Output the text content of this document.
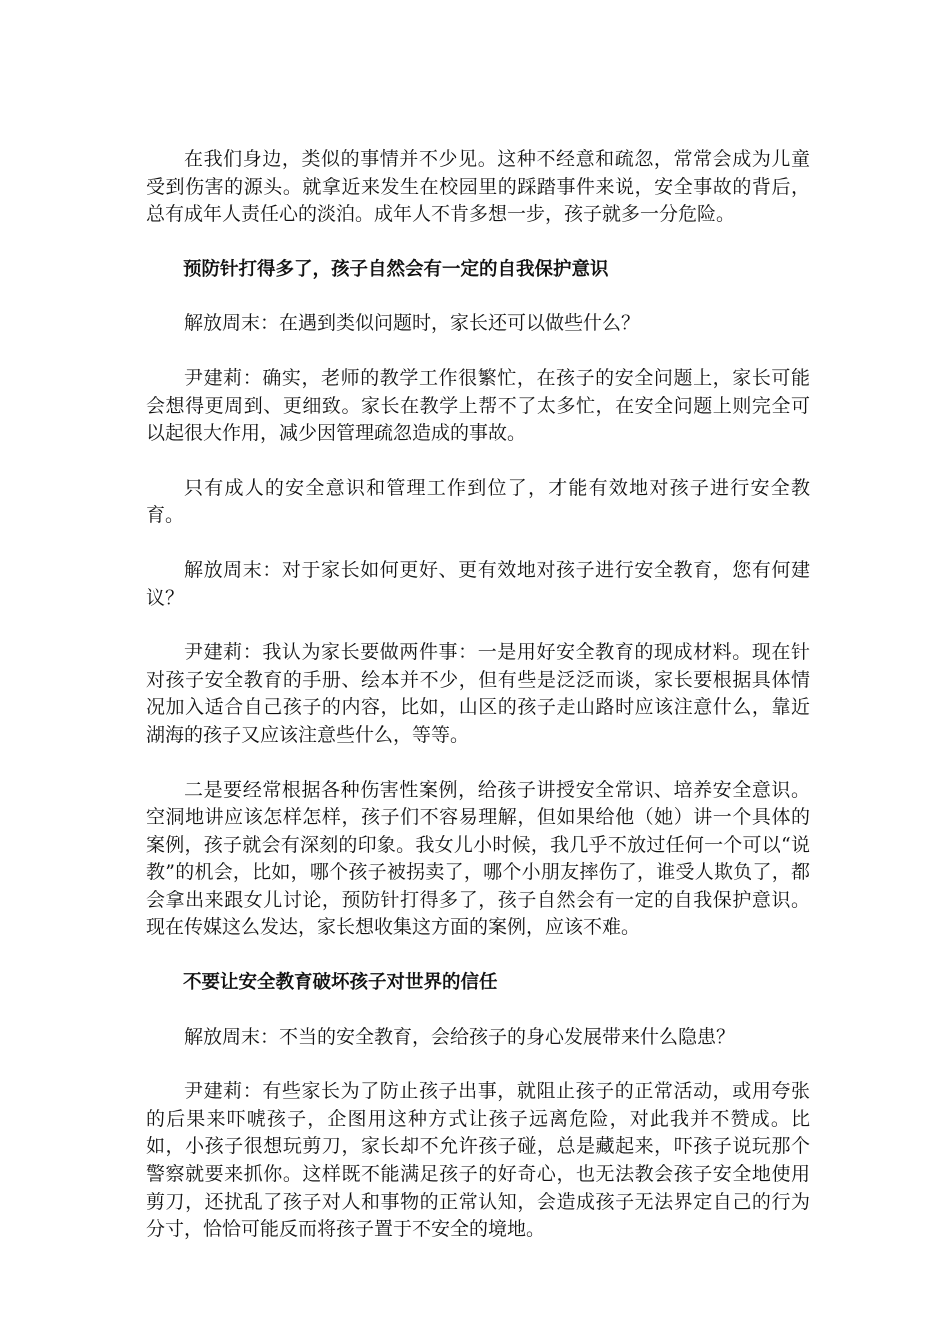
在我们身边，类似的事情并不少见。这种不经意和疏忽，常常会成为儿童受到伤害的源头。就拿近来发生在校园里的踩踏事件来说，安全事故的背后，总有成年人责任心的淡泊。成年人不肯多想一步，孩子就多一分危险。

预防针打得多了，孩子自然会有一定的自我保护意识

解放周末：在遇到类似问题时，家长还可以做些什么？

尹建莉：确实，老师的教学工作很繁忙，在孩子的安全问题上，家长可能会想得更周到、更细致。家长在教学上帮不了太多忙，在安全问题上则完全可以起很大作用，减少因管理疏忽造成的事故。

只有成人的安全意识和管理工作到位了，才能有效地对孩子进行安全教育。

解放周末：对于家长如何更好、更有效地对孩子进行安全教育，您有何建议？

尹建莉：我认为家长要做两件事：一是用好安全教育的现成材料。现在针对孩子安全教育的手册、绘本并不少，但有些是泛泛而谈，家长要根据具体情况加入适合自己孩子的内容，比如，山区的孩子走山路时应该注意什么，靠近湖海的孩子又应该注意些什么，等等。

二是要经常根据各种伤害性案例，给孩子讲授安全常识、培养安全意识。空洞地讲应该怎样怎样，孩子们不容易理解，但如果给他（她）讲一个具体的案例，孩子就会有深刻的印象。我女儿小时候，我几乎不放过任何一个可以“说教”的机会，比如，哪个孩子被拐卖了，哪个小朋友摔伤了，谁受人欺负了，都会拿出来跟女儿讨论，预防针打得多了，孩子自然会有一定的自我保护意识。现在传媒这么发达，家长想收集这方面的案例，应该不难。

不要让安全教育破坏孩子对世界的信任

解放周末：不当的安全教育，会给孩子的身心发展带来什么隐患？

尹建莉：有些家长为了防止孩子出事，就阻止孩子的正常活动，或用夸张的后果来吓唬孩子，企图用这种方式让孩子远离危险，对此我并不赞成。比如，小孩子很想玩剪刀，家长却不允许孩子碰，总是藏起来，吓孩子说玩那个警察就要来抓你。这样既不能满足孩子的好奇心，也无法教会孩子安全地使用剪刀，还扰乱了孩子对人和事物的正常认知，会造成孩子无法界定自己的行为分寸，恰恰可能反而将孩子置于不安全的境地。
